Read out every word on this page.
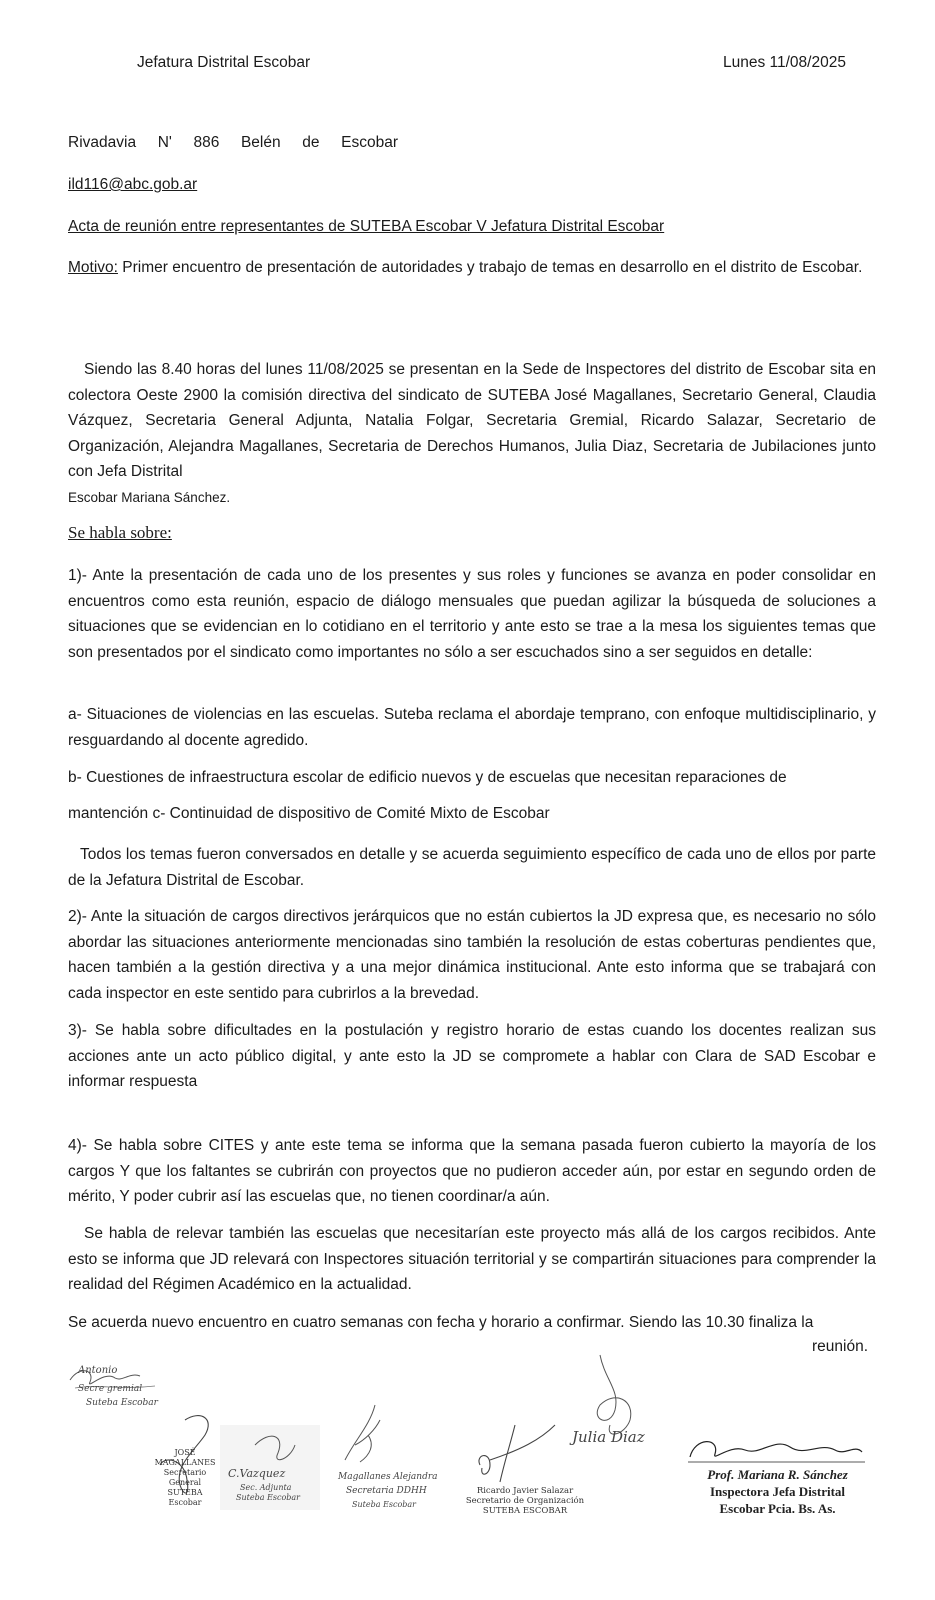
Jefatura Distrital Escobar	Lunes 11/08/2025
Rivadavia N' 886 Belén de Escobar
ild116@abc.gob.ar
Acta de reunión entre representantes de SUTEBA Escobar V Jefatura Distrital Escobar

Motivo: Primer encuentro de presentación de autoridades y trabajo de temas en desarrollo en el distrito de Escobar.

Siendo las 8.40 horas del lunes 11/08/2025 se presentan en la Sede de Inspectores del distrito de Escobar sita en colectora Oeste 2900 la comisión directiva del sindicato de SUTEBA José Magallanes, Secretario General, Claudia Vázquez, Secretaria General Adjunta, Natalia Folgar, Secretaria Gremial, Ricardo Salazar, Secretario de Organización, Alejandra Magallanes, Secretaria de Derechos Humanos, Julia Diaz, Secretaria de Jubilaciones junto con Jefa Distrital

Escobar Mariana Sánchez.
Se habla sobre:

1)- Ante la presentación de cada uno de los presentes y sus roles y funciones se avanza en poder consolidar en encuentros como esta reunión, espacio de diálogo mensuales que puedan agilizar la búsqueda de soluciones a situaciones que se evidencian en lo cotidiano en el territorio y ante esto se trae a la mesa los siguientes temas que son presentados por el sindicato como importantes no sólo a ser escuchados sino a ser seguidos en detalle:

a- Situaciones de violencias en las escuelas. Suteba reclama el abordaje temprano, con enfoque multidisciplinario, y resguardando al docente agredido.

b- Cuestiones de infraestructura escolar de edificio nuevos y de escuelas que necesitan reparaciones de

mantención c- Continuidad de dispositivo de Comité Mixto de Escobar

Todos los temas fueron conversados en detalle y se acuerda seguimiento específico de cada uno de ellos por parte de la Jefatura Distrital de Escobar.

2)- Ante la situación de cargos directivos jerárquicos que no están cubiertos la JD expresa que, es necesario no sólo abordar las situaciones anteriormente mencionadas sino también la resolución de estas coberturas pendientes que, hacen también a la gestión directiva y a una mejor dinámica institucional. Ante esto informa que se trabajará con cada inspector en este sentido para cubrirlos a la brevedad.

3)- Se habla sobre dificultades en la postulación y registro horario de estas cuando los docentes realizan sus acciones ante un acto público digital, y ante esto la JD se compromete a hablar con Clara de SAD Escobar e informar respuesta

4)- Se habla sobre CITES y ante este tema se informa que la semana pasada fueron cubierto la mayoría de los cargos Y que los faltantes se cubrirán con proyectos que no pudieron acceder aún, por estar en segundo orden de mérito, Y poder cubrir así las escuelas que, no tienen coordinar/a aún.

Se habla de relevar también las escuelas que necesitarían este proyecto más allá de los cargos recibidos. Ante esto se informa que JD relevará con Inspectores situación territorial y se compartirán situaciones para comprender la realidad del Régimen Académico en la actualidad.

Se acuerda nuevo encuentro en cuatro semanas con fecha y horario a confirmar. Siendo las 10.30 finaliza la

reunión.
Antonio
Secre gremial
Suteba Escobar
JOSÉ MAGALLANES
Secretario General
SUTEBA Escobar
C.Vazquez
Sec. Adjunta
Suteba Escobar
Magallanes Alejandra
Secretaria DDHH
Suteba Escobar
Ricardo Javier Salazar
Secretario de Organización
SUTEBA ESCOBAR
Julia Diaz
Prof. Mariana R. Sánchez
Inspectora Jefa Distrital
Escobar Pcia. Bs. As.
